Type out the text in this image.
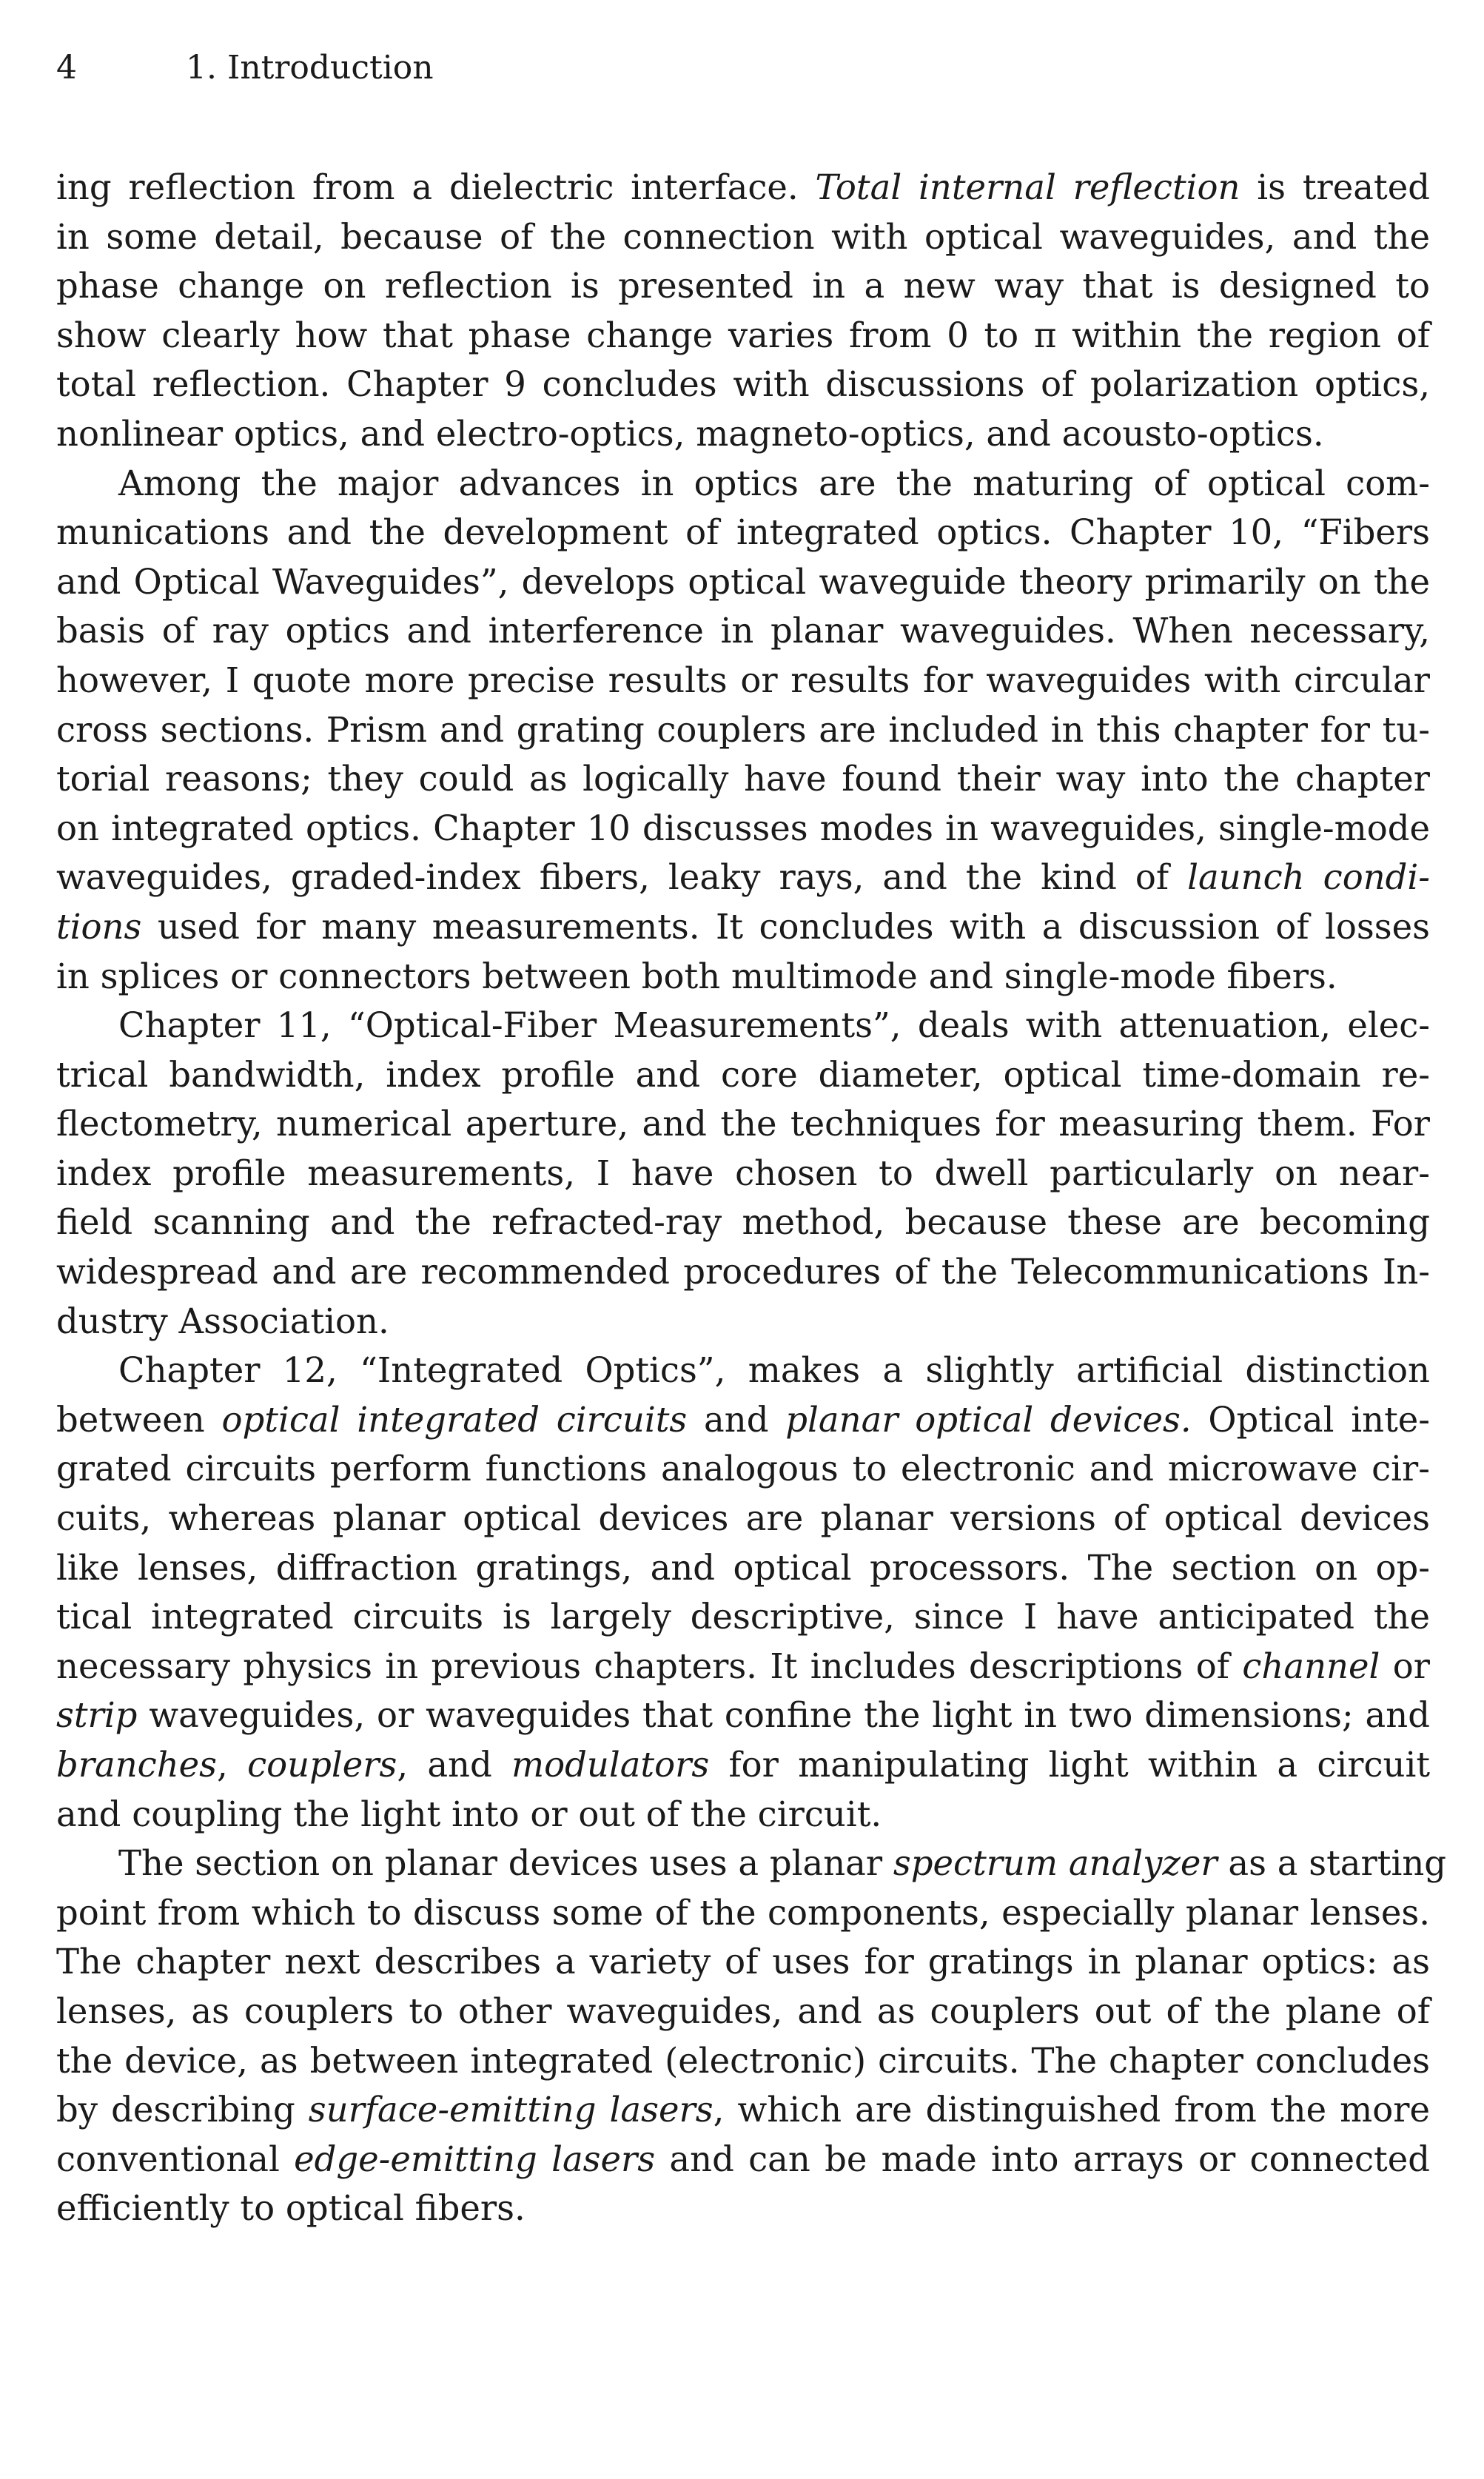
4	1. Introduction
ing reflection from a dielectric interface. Total internal reflection is treated
in some detail, because of the connection with optical waveguides, and the
phase change on reflection is presented in a new way that is designed to
show clearly how that phase change varies from 0 to π within the region of
total reflection. Chapter 9 concludes with discussions of polarization optics,
nonlinear optics, and electro-optics, magneto-optics, and acousto-optics.
Among the major advances in optics are the maturing of optical com-
munications and the development of integrated optics. Chapter 10, “Fibers
and Optical Waveguides”, develops optical waveguide theory primarily on the
basis of ray optics and interference in planar waveguides. When necessary,
however, I quote more precise results or results for waveguides with circular
cross sections. Prism and grating couplers are included in this chapter for tu-
torial reasons; they could as logically have found their way into the chapter
on integrated optics. Chapter 10 discusses modes in waveguides, single-mode
waveguides, graded-index fibers, leaky rays, and the kind of launch condi-
tions used for many measurements. It concludes with a discussion of losses
in splices or connectors between both multimode and single-mode fibers.
Chapter 11, “Optical-Fiber Measurements”, deals with attenuation, elec-
trical bandwidth, index profile and core diameter, optical time-domain re-
flectometry, numerical aperture, and the techniques for measuring them. For
index profile measurements, I have chosen to dwell particularly on near-
field scanning and the refracted-ray method, because these are becoming
widespread and are recommended procedures of the Telecommunications In-
dustry Association.
Chapter 12, “Integrated Optics”, makes a slightly artificial distinction
between optical integrated circuits and planar optical devices. Optical inte-
grated circuits perform functions analogous to electronic and microwave cir-
cuits, whereas planar optical devices are planar versions of optical devices
like lenses, diffraction gratings, and optical processors. The section on op-
tical integrated circuits is largely descriptive, since I have anticipated the
necessary physics in previous chapters. It includes descriptions of channel or
strip waveguides, or waveguides that confine the light in two dimensions; and
branches, couplers, and modulators for manipulating light within a circuit
and coupling the light into or out of the circuit.
The section on planar devices uses a planar spectrum analyzer as a starting
point from which to discuss some of the components, especially planar lenses.
The chapter next describes a variety of uses for gratings in planar optics: as
lenses, as couplers to other waveguides, and as couplers out of the plane of
the device, as between integrated (electronic) circuits. The chapter concludes
by describing surface-emitting lasers, which are distinguished from the more
conventional edge-emitting lasers and can be made into arrays or connected
efficiently to optical fibers.
